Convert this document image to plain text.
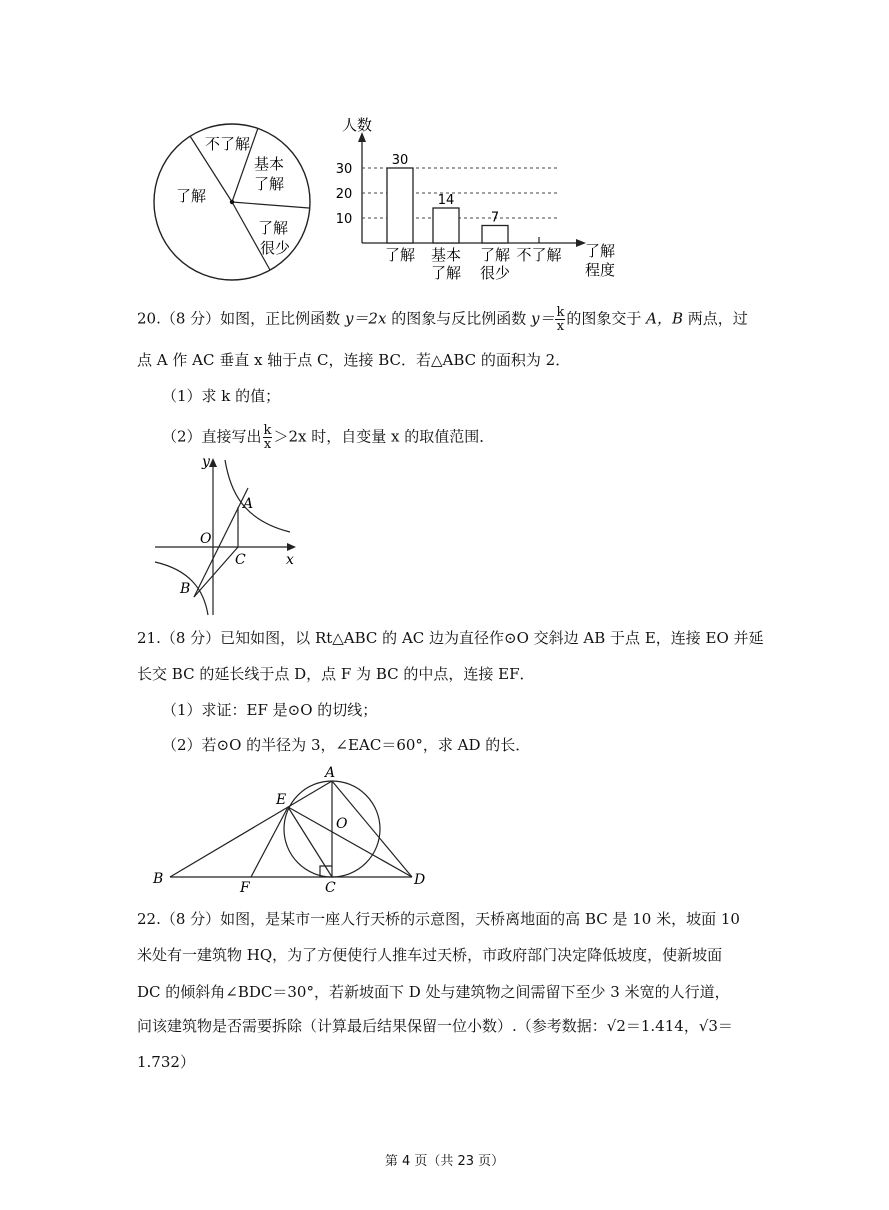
了解
不了解
基本
了解
了解
很少
人数
了解
程度
10
20
30
30
了解
14
基本
了解
7
了解
很少
不了解
20.（8 分）如图，正比例函数 y＝2x 的图象与反比例函数 $y= \frac{k}{x}$ 的图象交于 A，B 两点，过
点 A 作 AC 垂直 x 轴于点 C，连接 BC．若△ABC 的面积为 2．
（1）求 k 的值；
（2）直接写出 $\frac{k}{x} >2x$ 时，自变量 x 的取值范围．
y
x
O
A
C
B
21.（8 分）已知如图，以 Rt△ABC 的 AC 边为直径作⊙O 交斜边 AB 于点 E，连接 EO 并延
长交 BC 的延长线于点 D，点 F 为 BC 的中点，连接 EF．
（1）求证：EF 是⊙O 的切线；
（2）若⊙O 的半径为 3，∠EAC＝60°，求 AD 的长．
A
E
O
B
F	C	D
22.（8 分）如图，是某市一座人行天桥的示意图，天桥离地面的高 BC 是 10 米，坡面 10
米处有一建筑物 HQ，为了方便使行人推车过天桥，市政府部门决定降低坡度，使新坡面
DC 的倾斜角∠BDC＝30°，若新坡面下 D 处与建筑物之间需留下至少 3 米宽的人行道，
问该建筑物是否需要拆除（计算最后结果保留一位小数）.（参考数据：√2＝1.414，√3＝
1.732）
第 4 页（共 23 页）
